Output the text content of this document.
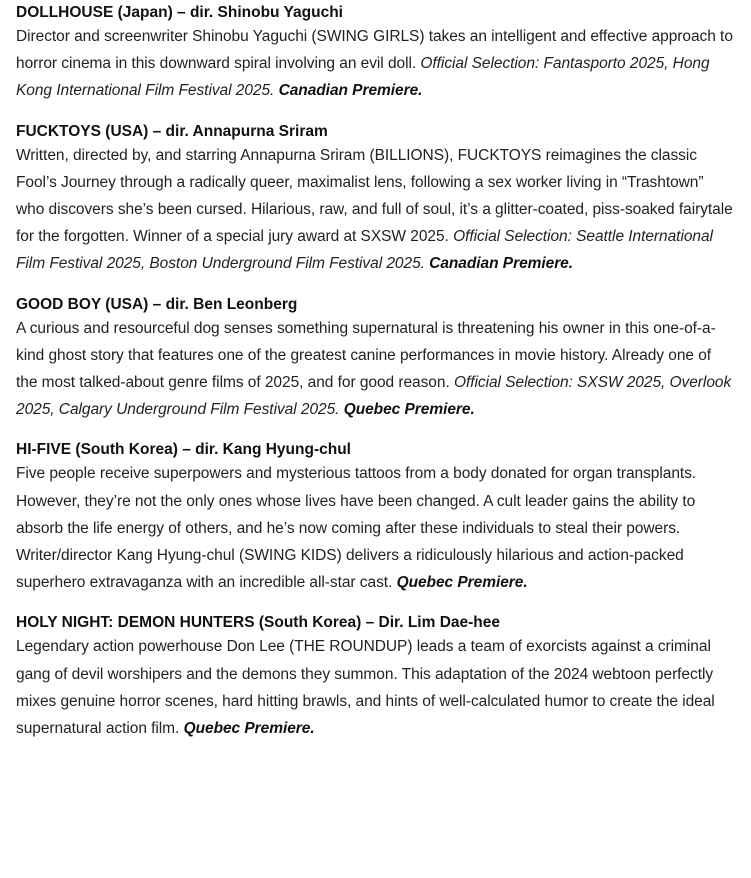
DOLLHOUSE (Japan) – dir. Shinobu Yaguchi

Director and screenwriter Shinobu Yaguchi (SWING GIRLS) takes an intelligent and effective approach to horror cinema in this downward spiral involving an evil doll. Official Selection: Fantasporto 2025, Hong Kong International Film Festival 2025. Canadian Premiere.

FUCKTOYS (USA) – dir. Annapurna Sriram

Written, directed by, and starring Annapurna Sriram (BILLIONS), FUCKTOYS reimagines the classic Fool’s Journey through a radically queer, maximalist lens, following a sex worker living in “Trashtown” who discovers she’s been cursed. Hilarious, raw, and full of soul, it’s a glitter-coated, piss-soaked fairytale for the forgotten. Winner of a special jury award at SXSW 2025. Official Selection: Seattle International Film Festival 2025, Boston Underground Film Festival 2025. Canadian Premiere.

GOOD BOY (USA) – dir. Ben Leonberg

A curious and resourceful dog senses something supernatural is threatening his owner in this one-of-a-kind ghost story that features one of the greatest canine performances in movie history. Already one of the most talked-about genre films of 2025, and for good reason. Official Selection: SXSW 2025, Overlook 2025, Calgary Underground Film Festival 2025. Quebec Premiere.

HI-FIVE (South Korea) – dir. Kang Hyung-chul

Five people receive superpowers and mysterious tattoos from a body donated for organ transplants. However, they’re not the only ones whose lives have been changed. A cult leader gains the ability to absorb the life energy of others, and he’s now coming after these individuals to steal their powers. Writer/director Kang Hyung-chul (SWING KIDS) delivers a ridiculously hilarious and action-packed superhero extravaganza with an incredible all-star cast. Quebec Premiere.

HOLY NIGHT: DEMON HUNTERS (South Korea) – Dir. Lim Dae-hee

Legendary action powerhouse Don Lee (THE ROUNDUP) leads a team of exorcists against a criminal gang of devil worshipers and the demons they summon. This adaptation of the 2024 webtoon perfectly mixes genuine horror scenes, hard hitting brawls, and hints of well-calculated humor to create the ideal supernatural action film. Quebec Premiere.
